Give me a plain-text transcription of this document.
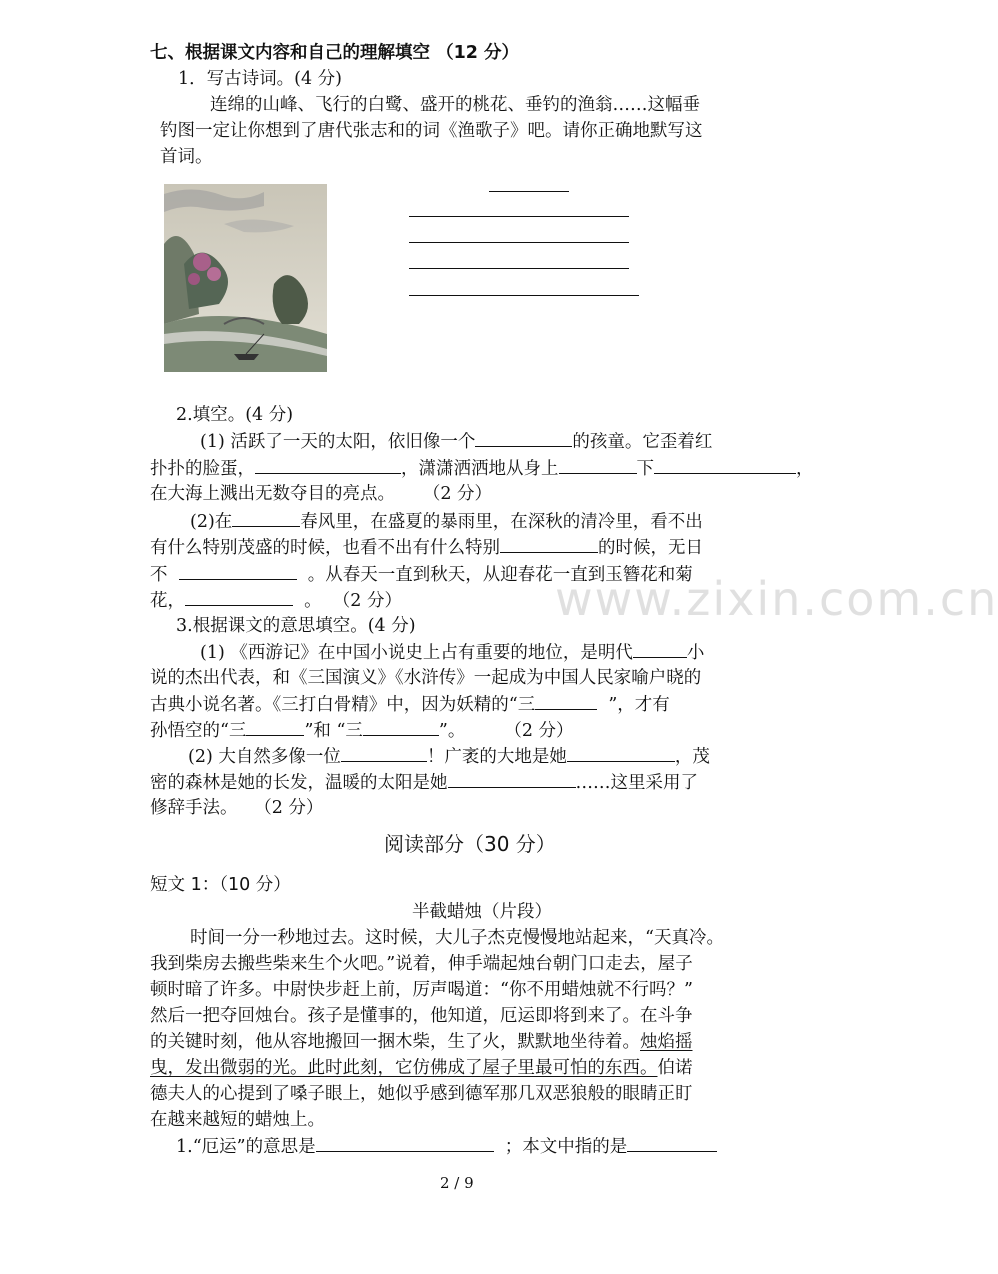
七、根据课文内容和自己的理解填空 （12 分）
1．写古诗词。(4 分)
连绵的山峰、飞行的白鹭、盛开的桃花、垂钓的渔翁……这幅垂
钓图一定让你想到了唐代张志和的词《渔歌子》吧。请你正确地默写这
首词。
2.填空。(4 分)
(1) 活跃了一天的太阳，依旧像一个	的孩童。它歪着红
扑扑的脸蛋，	，潇潇洒洒地从身上	下	，
在大海上溅出无数夺目的亮点。 （2 分）
(2)在	春风里，在盛夏的暴雨里，在深秋的清冷里，看不出
有什么特别茂盛的时候，也看不出有什么特别	的时候，无日
不	。从春天一直到秋天，从迎春花一直到玉簪花和菊
花，	。 （2 分）
3.根据课文的意思填空。(4 分)
(1) 《西游记》在中国小说史上占有重要的地位，是明代	小
说的杰出代表，和《三国演义》《水浒传》一起成为中国人民家喻户晓的
古典小说名著。《三打白骨精》中，因为妖精的“三	”，才有
孙悟空的“三	”和 “三	”。 （2 分）
(2) 大自然多像一位	！广袤的大地是她	，茂
密的森林是她的长发，温暖的太阳是她	……这里采用了
修辞手法。 （2 分）
www.zixin.com.cn
阅读部分（30 分）
短文 1：（10 分）
半截蜡烛（片段）
时间一分一秒地过去。这时候，大儿子杰克慢慢地站起来，“天真冷。
我到柴房去搬些柴来生个火吧。”说着，伸手端起烛台朝门口走去，屋子
顿时暗了许多。中尉快步赶上前，厉声喝道：“你不用蜡烛就不行吗？”
然后一把夺回烛台。孩子是懂事的，他知道，厄运即将到来了。在斗争
的关键时刻，他从容地搬回一捆木柴，生了火，默默地坐待着。烛焰摇
曳，发出微弱的光。此时此刻，它仿佛成了屋子里最可怕的东西。伯诺
德夫人的心提到了嗓子眼上，她似乎感到德军那几双恶狼般的眼睛正盯
在越来越短的蜡烛上。
1.“厄运”的意思是	；本文中指的是
2 / 9
